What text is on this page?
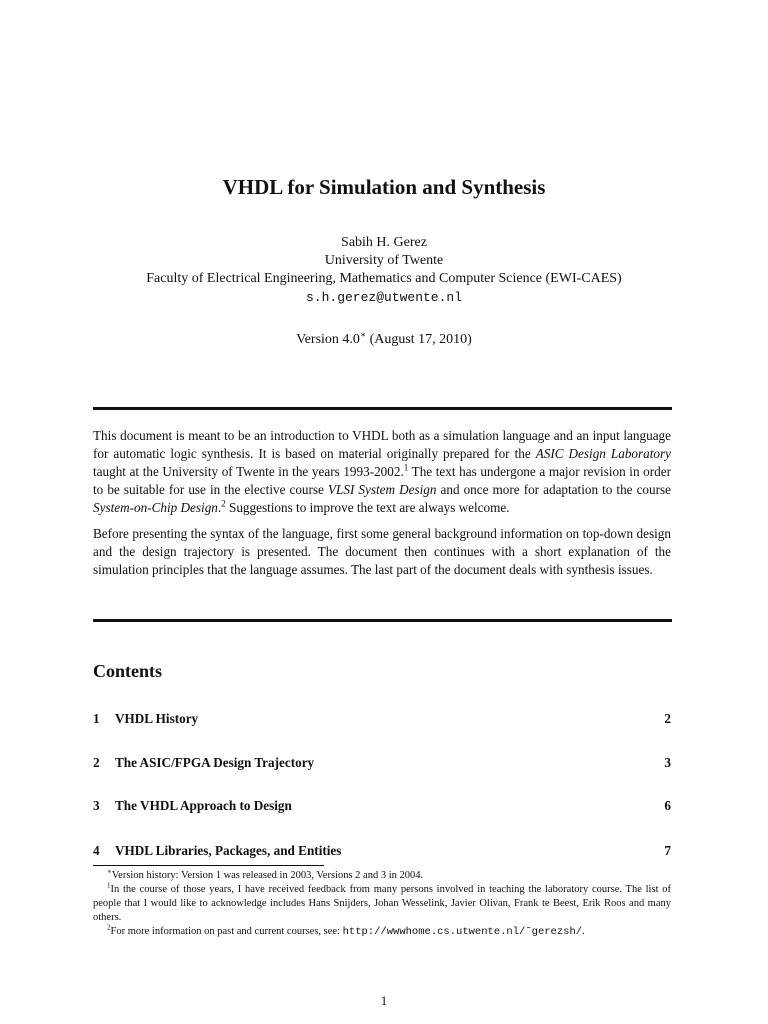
VHDL for Simulation and Synthesis
Sabih H. Gerez
University of Twente
Faculty of Electrical Engineering, Mathematics and Computer Science (EWI-CAES)
s.h.gerez@utwente.nl
Version 4.0∗ (August 17, 2010)

This document is meant to be an introduction to VHDL both as a simulation language and an input language for automatic logic synthesis. It is based on material originally prepared for the ASIC Design Laboratory taught at the University of Twente in the years 1993-2002.$^1$ The text has undergone a major revision in order to be suitable for use in the elective course VLSI System Design and once more for adaptation to the course System-on-Chip Design.$^2$ Suggestions to improve the text are always welcome.

Before presenting the syntax of the language, first some general background information on top-down design and the design trajectory is presented. The document then continues with a short explanation of the simulation principles that the language assumes. The last part of the document deals with synthesis issues.

Contents
1	VHDL History	2
2	The ASIC/FPGA Design Trajectory	3
3	The VHDL Approach to Design	6
4	VHDL Libraries, Packages, and Entities	7

∗Version history: Version 1 was released in 2003, Versions 2 and 3 in 2004.

$^1$In the course of those years, I have received feedback from many persons involved in teaching the laboratory course. The list of people that I would like to acknowledge includes Hans Snijders, Johan Wesselink, Javier Olivan, Frank te Beest, Erik Roos and many others.

$^2$For more information on past and current courses, see: http://wwwhome.cs.utwente.nl/˜gerezsh/.

1
